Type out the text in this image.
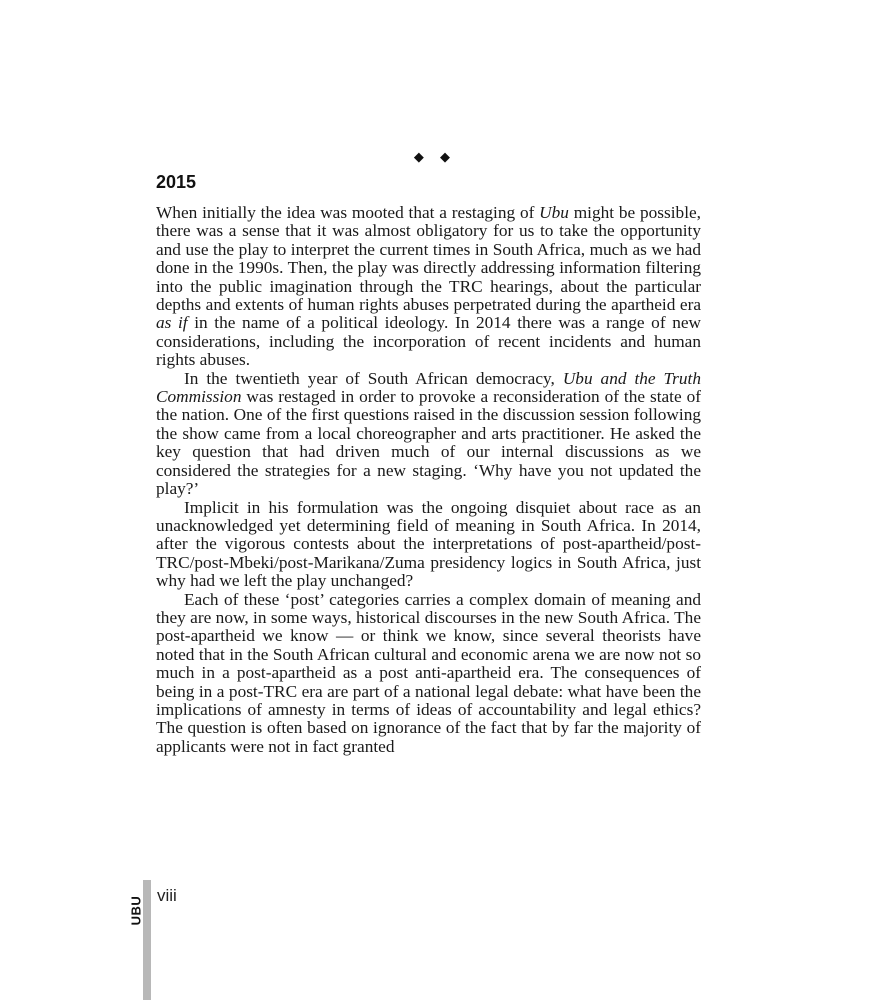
◆ ◆
2015

When initially the idea was mooted that a restaging of Ubu might be possible, there was a sense that it was almost obligatory for us to take the opportunity and use the play to interpret the current times in South Africa, much as we had done in the 1990s. Then, the play was directly addressing information filtering into the public imagination through the TRC hearings, about the particular depths and extents of human rights abuses perpetrated during the apartheid era as if in the name of a political ideology. In 2014 there was a range of new considerations, including the incorporation of recent incidents and human rights abuses.

In the twentieth year of South African democracy, Ubu and the Truth Commission was restaged in order to provoke a reconsideration of the state of the nation. One of the first questions raised in the discussion session following the show came from a local choreographer and arts practitioner. He asked the key question that had driven much of our internal discussions as we considered the strategies for a new staging. ‘Why have you not updated the play?’

Implicit in his formulation was the ongoing disquiet about race as an unacknowledged yet determining field of meaning in South Africa. In 2014, after the vigorous contests about the interpretations of post-apartheid/post-TRC/post-Mbeki/post-Marikana/Zuma presidency logics in South Africa, just why had we left the play unchanged?

Each of these ‘post’ categories carries a complex domain of meaning and they are now, in some ways, historical discourses in the new South Africa. The post-apartheid we know — or think we know, since several theorists have noted that in the South African cultural and economic arena we are now not so much in a post-apartheid as a post anti-apartheid era. The consequences of being in a post-TRC era are part of a national legal debate: what have been the implications of amnesty in terms of ideas of accountability and legal ethics? The question is often based on ignorance of the fact that by far the majority of applicants were not in fact granted

UBU
viii
